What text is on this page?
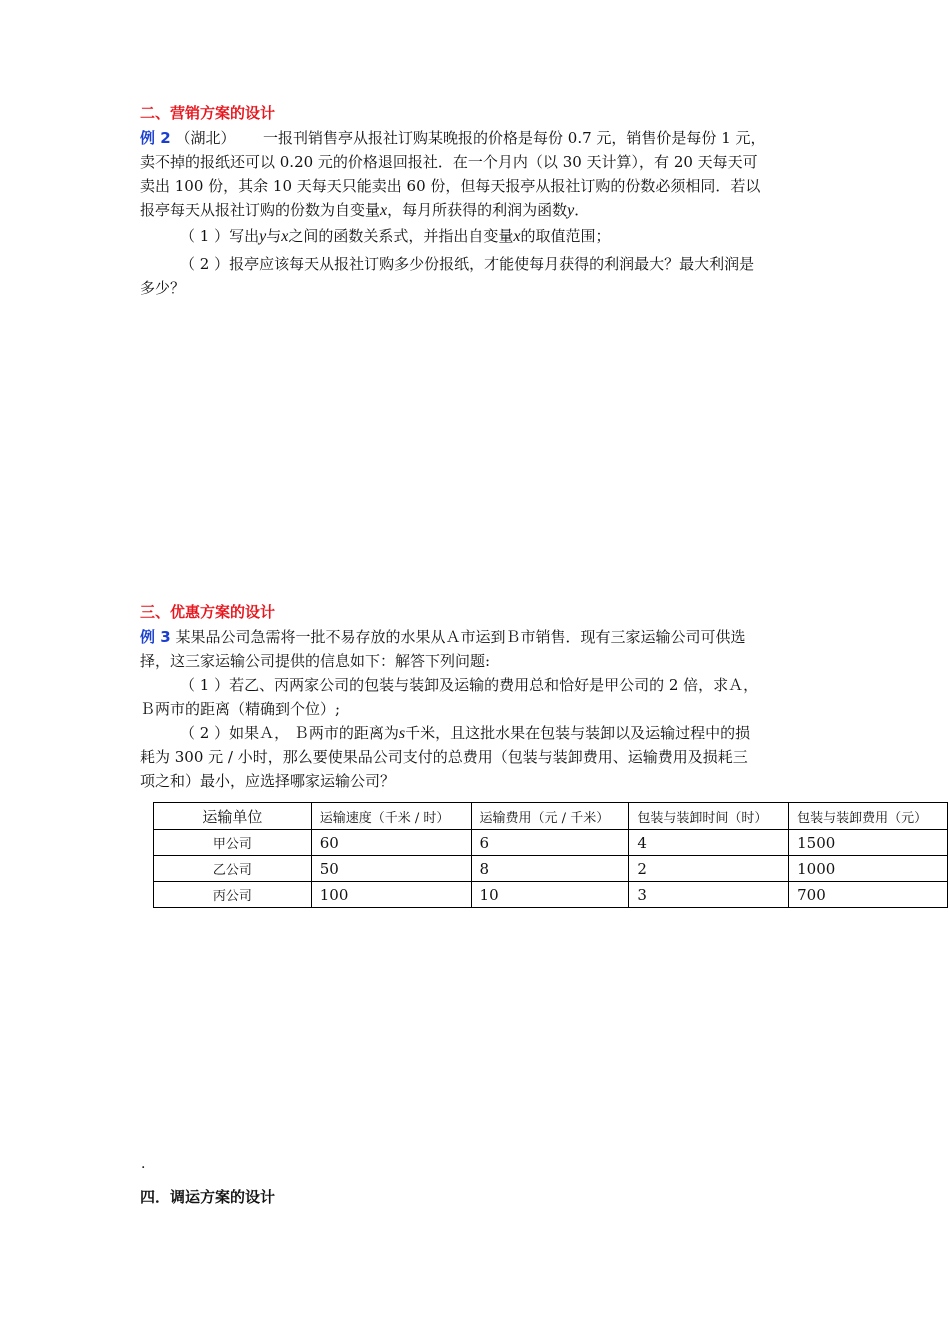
二、营销方案的设计
例 2 （湖北） 一报刊销售亭从报社订购某晚报的价格是每份 0.7 元，销售价是每份 1 元，
卖不掉的报纸还可以 0.20 元的价格退回报社．在一个月内（以 30 天计算），有 20 天每天可
卖出 100 份，其余 10 天每天只能卖出 60 份，但每天报亭从报社订购的份数必须相同．若以
报亭每天从报社订购的份数为自变量x，每月所获得的利润为函数y．
（ 1 ）写出y与x之间的函数关系式，并指出自变量x的取值范围；
（ 2 ）报亭应该每天从报社订购多少份报纸，才能使每月获得的利润最大？最大利润是
多少？
三、优惠方案的设计
例 3 某果品公司急需将一批不易存放的水果从Ａ市运到Ｂ市销售．现有三家运输公司可供选
择，这三家运输公司提供的信息如下：解答下列问题:
（ 1 ）若乙、丙两家公司的包装与装卸及运输的费用总和恰好是甲公司的 2 倍，求Ａ，
Ｂ两市的距离（精确到个位）;
（ 2 ）如果Ａ， Ｂ两市的距离为s千米，且这批水果在包装与装卸以及运输过程中的损
耗为 300 元 / 小时，那么要使果品公司支付的总费用（包装与装卸费用、运输费用及损耗三
项之和）最小，应选择哪家运输公司？
运输单位	运输速度（千米 / 时）	运输费用（元 / 千米）	包装与装卸时间（时）	包装与装卸费用（元）
甲公司	60	6	4	1500
乙公司	50	8	2	1000
丙公司	100	10	3	700
·
四．调运方案的设计
